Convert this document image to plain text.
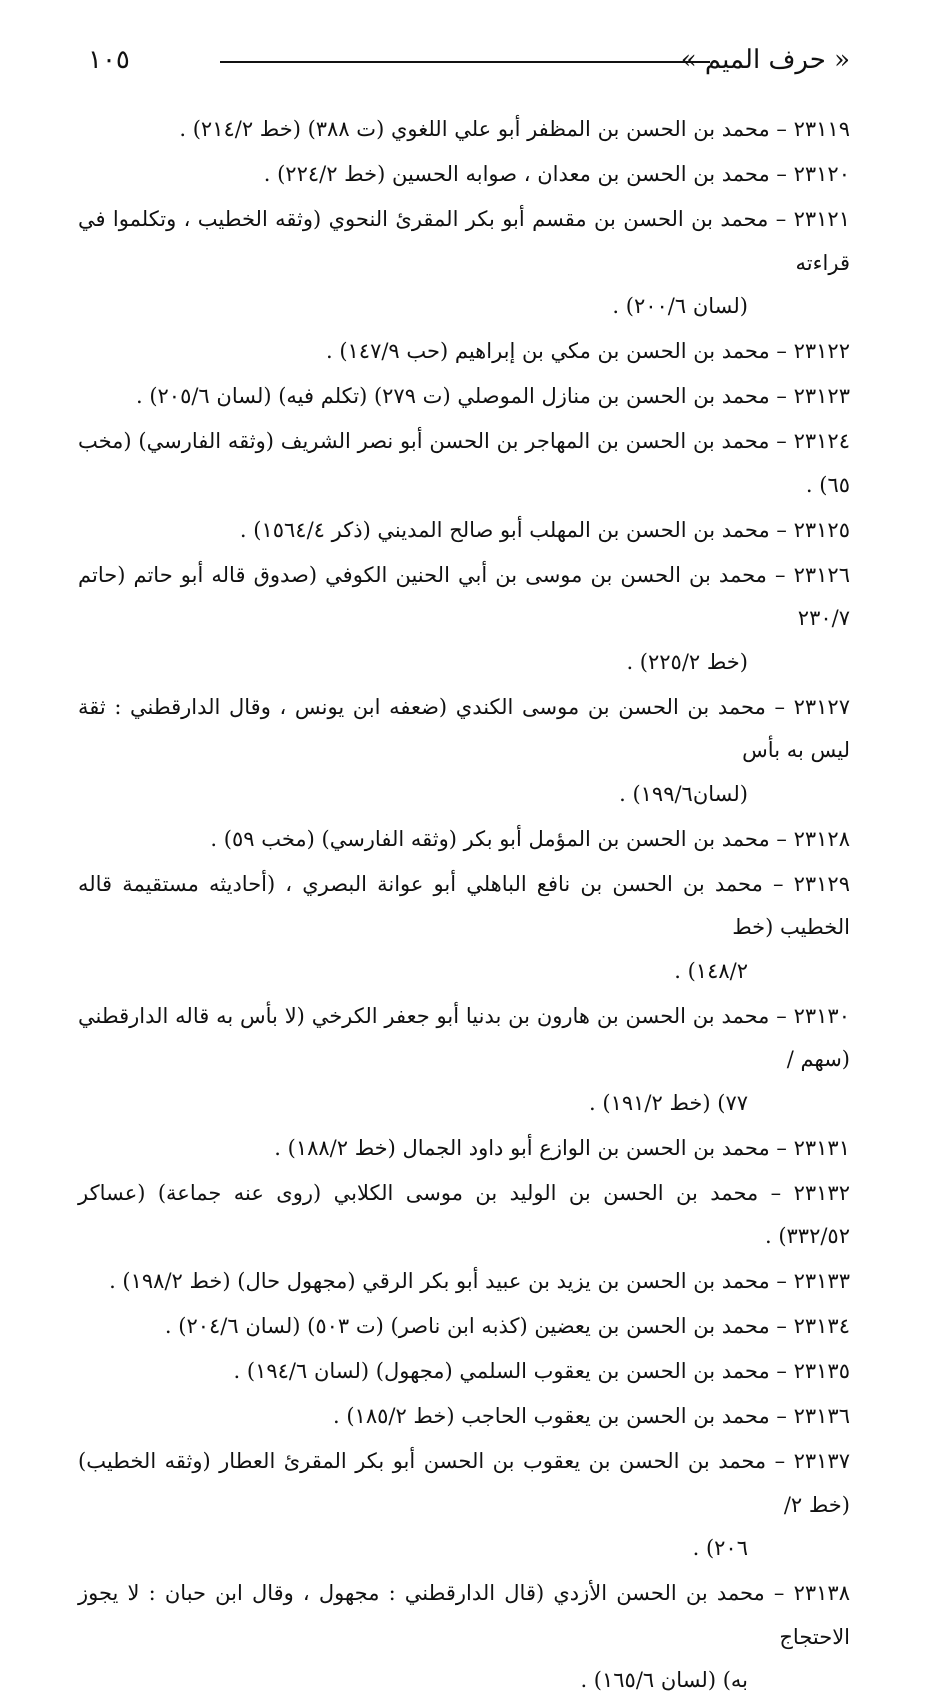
١٠٥	« حرف الميم »
٢٣١١٩ – محمد بن الحسن بن المظفر أبو علي اللغوي (ت ٣٨٨) (خط ٢١٤/٢) .
٢٣١٢٠ – محمد بن الحسن بن معدان ، صوابه الحسين (خط ٢٢٤/٢) .
٢٣١٢١ – محمد بن الحسن بن مقسم أبو بكر المقرئ النحوي (وثقه الخطيب ، وتكلموا في قراءته
(لسان ٢٠٠/٦) .
٢٣١٢٢ – محمد بن الحسن بن مكي بن إبراهيم (حب ١٤٧/٩) .
٢٣١٢٣ – محمد بن الحسن بن منازل الموصلي (ت ٢٧٩) (تكلم فيه) (لسان ٢٠٥/٦) .
٢٣١٢٤ – محمد بن الحسن بن المهاجر بن الحسن أبو نصر الشريف (وثقه الفارسي) (مخب ٦٥) .
٢٣١٢٥ – محمد بن الحسن بن المهلب أبو صالح المديني (ذكر ١٥٦٤/٤) .
٢٣١٢٦ – محمد بن الحسن بن موسى بن أبي الحنين الكوفي (صدوق قاله أبو حاتم (حاتم ٢٣٠/٧
(خط ٢٢٥/٢) .
٢٣١٢٧ – محمد بن الحسن بن موسى الكندي (ضعفه ابن يونس ، وقال الدارقطني : ثقة ليس به بأس
(لسان١٩٩/٦) .
٢٣١٢٨ – محمد بن الحسن بن المؤمل أبو بكر (وثقه الفارسي) (مخب ٥٩) .
٢٣١٢٩ – محمد بن الحسن بن نافع الباهلي أبو عوانة البصري ، (أحاديثه مستقيمة قاله الخطيب (خط
١٤٨/٢) .
٢٣١٣٠ – محمد بن الحسن بن هارون بن بدنيا أبو جعفر الكرخي (لا بأس به قاله الدارقطني (سهم /
٧٧) (خط ١٩١/٢) .
٢٣١٣١ – محمد بن الحسن بن الوازع أبو داود الجمال (خط ١٨٨/٢) .
٢٣١٣٢ – محمد بن الحسن بن الوليد بن موسى الكلابي (روى عنه جماعة) (عساكر ٣٣٢/٥٢) .
٢٣١٣٣ – محمد بن الحسن بن يزيد بن عبيد أبو بكر الرقي (مجهول حال) (خط ١٩٨/٢) .
٢٣١٣٤ – محمد بن الحسن بن يعضين (كذبه ابن ناصر) (ت ٥٠٣) (لسان ٢٠٤/٦) .
٢٣١٣٥ – محمد بن الحسن بن يعقوب السلمي (مجهول) (لسان ١٩٤/٦) .
٢٣١٣٦ – محمد بن الحسن بن يعقوب الحاجب (خط ١٨٥/٢) .
٢٣١٣٧ – محمد بن الحسن بن يعقوب بن الحسن أبو بكر المقرئ العطار (وثقه الخطيب) (خط ٢/
٢٠٦) .
٢٣١٣٨ – محمد بن الحسن الأزدي (قال الدارقطني : مجهول ، وقال ابن حبان : لا يجوز الاحتجاج
به) (لسان ١٦٥/٦) .
